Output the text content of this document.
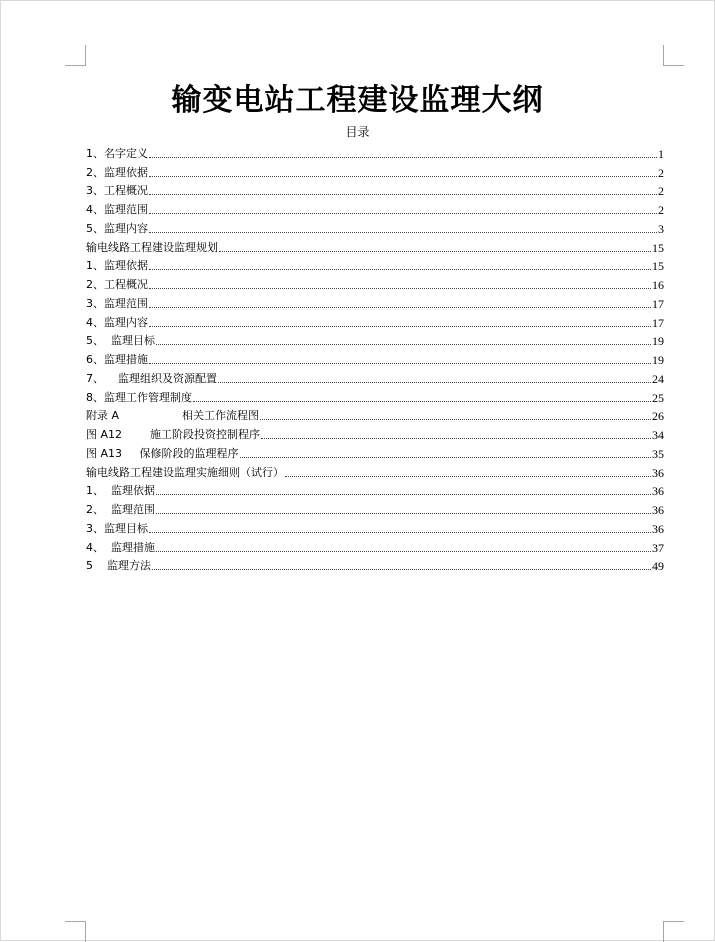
输变电站工程建设监理大纲
目录
1、名字定义	1
2、监理依据	2
3、工程概况	2
4、监理范围	2
5、监理内容	3
输电线路工程建设监理规划	15
1、监理依据	15
2、工程概况	16
3、监理范围	17
4、监理内容	17
5、  监理目标	19
6、监理措施	19
7、    监理组织及资源配置	24
8、监理工作管理制度	25
附录 A                  相关工作流程图	26
图 A12        施工阶段投资控制程序	34
图 A13     保修阶段的监理程序	35
输电线路工程建设监理实施细则（试行）	36
1、  监理依据	36
2、  监理范围	36
3、监理目标	36
4、  监理措施	37
5    监理方法	49
